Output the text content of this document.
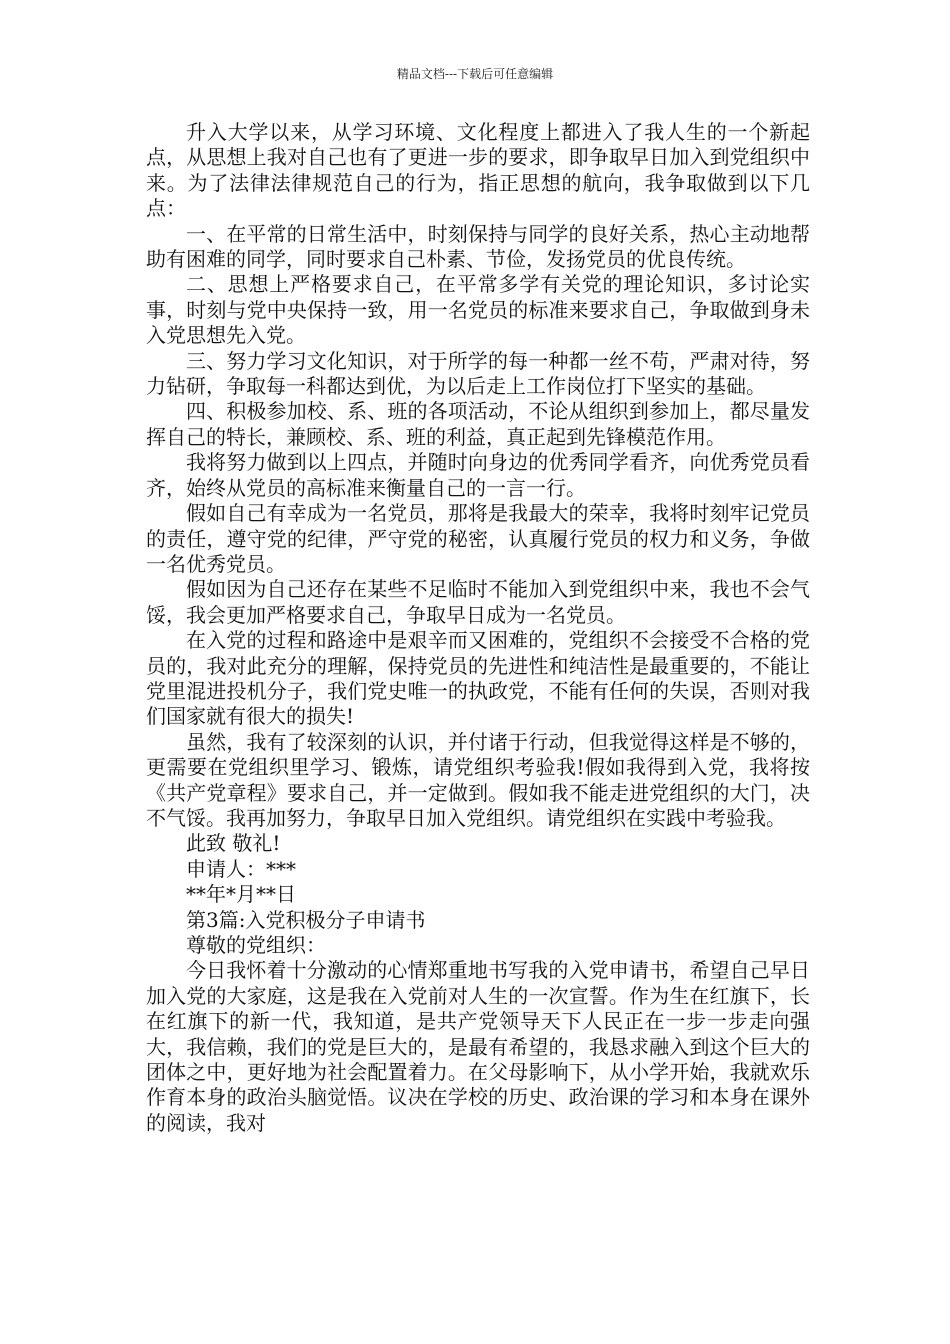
精品文档---下载后可任意编辑

升入大学以来，从学习环境、文化程度上都进入了我人生的一个新起点，从思想上我对自己也有了更进一步的要求，即争取早日加入到党组织中来。为了法律法律规范自己的行为，指正思想的航向，我争取做到以下几点：

一、在平常的日常生活中，时刻保持与同学的良好关系，热心主动地帮助有困难的同学，同时要求自己朴素、节俭，发扬党员的优良传统。

二、思想上严格要求自己，在平常多学有关党的理论知识，多讨论实事，时刻与党中央保持一致，用一名党员的标准来要求自己，争取做到身未入党思想先入党。

三、努力学习文化知识，对于所学的每一种都一丝不苟，严肃对待，努力钻研，争取每一科都达到优，为以后走上工作岗位打下坚实的基础。

四、积极参加校、系、班的各项活动，不论从组织到参加上，都尽量发挥自己的特长，兼顾校、系、班的利益，真正起到先锋模范作用。

我将努力做到以上四点，并随时向身边的优秀同学看齐，向优秀党员看齐，始终从党员的高标准来衡量自己的一言一行。

假如自己有幸成为一名党员，那将是我最大的荣幸，我将时刻牢记党员的责任，遵守党的纪律，严守党的秘密，认真履行党员的权力和义务，争做一名优秀党员。

假如因为自己还存在某些不足临时不能加入到党组织中来，我也不会气馁，我会更加严格要求自己，争取早日成为一名党员。

在入党的过程和路途中是艰辛而又困难的，党组织不会接受不合格的党员的，我对此充分的理解，保持党员的先进性和纯洁性是最重要的，不能让党里混进投机分子，我们党史唯一的执政党，不能有任何的失误，否则对我们国家就有很大的损失!

虽然，我有了较深刻的认识，并付诸于行动，但我觉得这样是不够的，更需要在党组织里学习、锻炼，请党组织考验我!假如我得到入党，我将按《共产党章程》要求自己，并一定做到。假如我不能走进党组织的大门，决不气馁。我再加努力，争取早日加入党组织。请党组织在实践中考验我。

此致 敬礼!

申请人：***

**年*月**日

第3篇:入党积极分子申请书

尊敬的党组织：

今日我怀着十分激动的心情郑重地书写我的入党申请书，希望自己早日加入党的大家庭，这是我在入党前对人生的一次宣誓。作为生在红旗下，长在红旗下的新一代，我知道，是共产党领导天下人民正在一步一步走向强大，我信赖，我们的党是巨大的，是最有希望的，我恳求融入到这个巨大的团体之中，更好地为社会配置着力。在父母影响下，从小学开始，我就欢乐作育本身的政治头脑觉悟。议决在学校的历史、政治课的学习和本身在课外的阅读，我对
